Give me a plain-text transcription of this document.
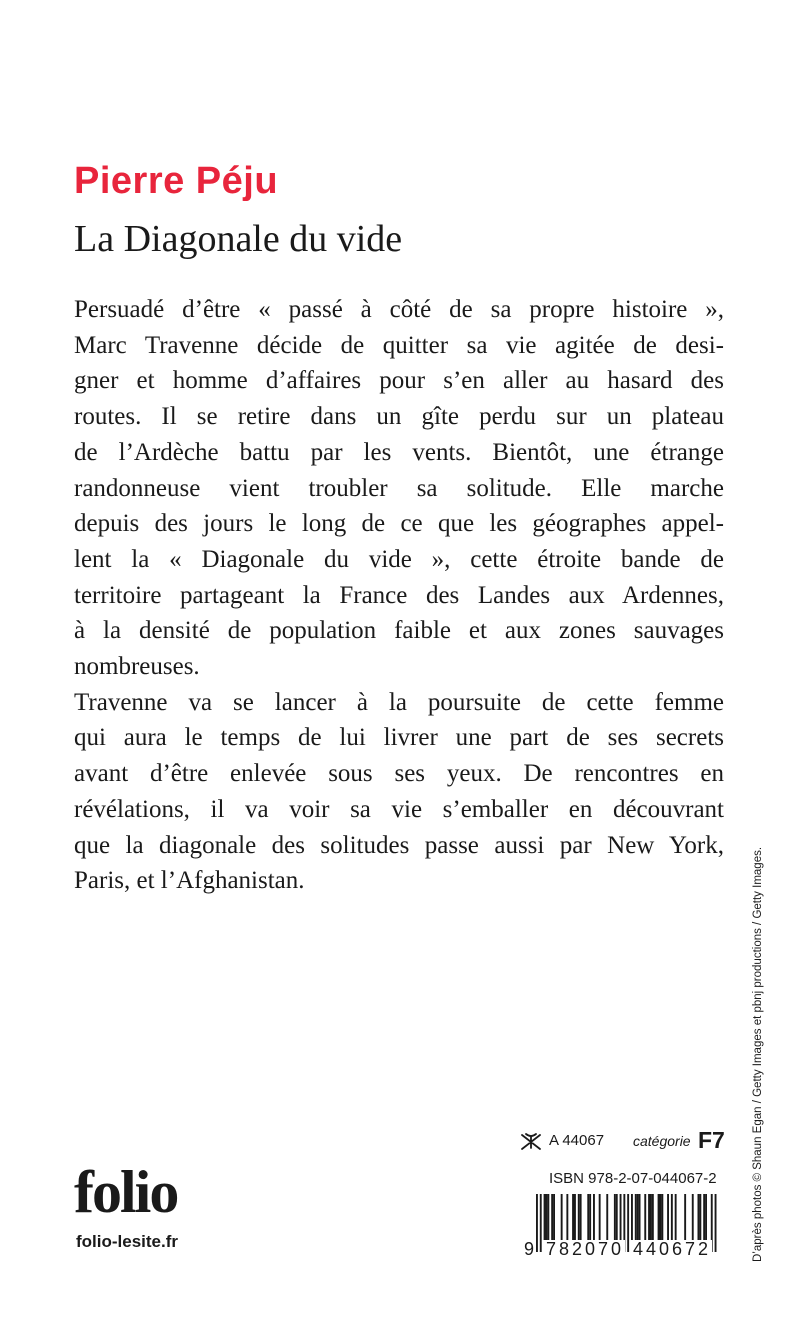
Pierre Péju
La Diagonale du vide
Persuadé d’être « passé à côté de sa propre histoire »,
Marc Travenne décide de quitter sa vie agitée de desi-
gner et homme d’affaires pour s’en aller au hasard des
routes. Il se retire dans un gîte perdu sur un plateau
de l’Ardèche battu par les vents. Bientôt, une étrange
randonneuse vient troubler sa solitude. Elle marche
depuis des jours le long de ce que les géographes appel-
lent la « Diagonale du vide », cette étroite bande de
territoire partageant la France des Landes aux Ardennes,
à la densité de population faible et aux zones sauvages
nombreuses.
Travenne va se lancer à la poursuite de cette femme
qui aura le temps de lui livrer une part de ses secrets
avant d’être enlevée sous ses yeux. De rencontres en
révélations, il va voir sa vie s’emballer en découvrant
que la diagonale des solitudes passe aussi par New York,
Paris, et l’Afghanistan.	D’après photos © Shaun Egan / Getty Images et pbnj productions / Getty Images.
folio
folio-lesite.fr
A 44067 catégorie F7
ISBN 978-2-07-044067-2
9 782070 440672
